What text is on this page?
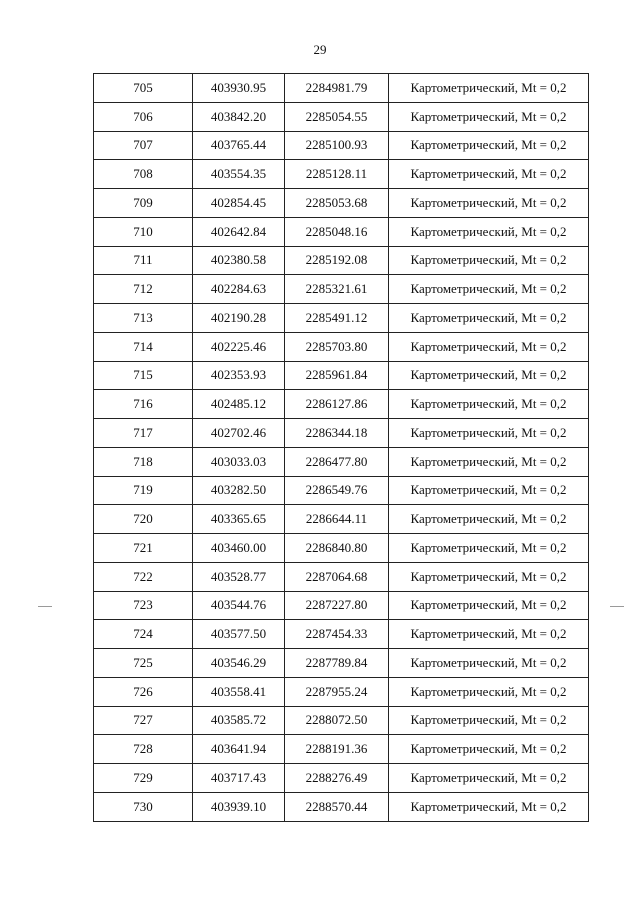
29
705	403930.95	2284981.79	Картометрический, Mt = 0,2
706	403842.20	2285054.55	Картометрический, Mt = 0,2
707	403765.44	2285100.93	Картометрический, Mt = 0,2
708	403554.35	2285128.11	Картометрический, Mt = 0,2
709	402854.45	2285053.68	Картометрический, Mt = 0,2
710	402642.84	2285048.16	Картометрический, Mt = 0,2
711	402380.58	2285192.08	Картометрический, Mt = 0,2
712	402284.63	2285321.61	Картометрический, Mt = 0,2
713	402190.28	2285491.12	Картометрический, Mt = 0,2
714	402225.46	2285703.80	Картометрический, Mt = 0,2
715	402353.93	2285961.84	Картометрический, Mt = 0,2
716	402485.12	2286127.86	Картометрический, Mt = 0,2
717	402702.46	2286344.18	Картометрический, Mt = 0,2
718	403033.03	2286477.80	Картометрический, Mt = 0,2
719	403282.50	2286549.76	Картометрический, Mt = 0,2
720	403365.65	2286644.11	Картометрический, Mt = 0,2
721	403460.00	2286840.80	Картометрический, Mt = 0,2
722	403528.77	2287064.68	Картометрический, Mt = 0,2
723	403544.76	2287227.80	Картометрический, Mt = 0,2
724	403577.50	2287454.33	Картометрический, Mt = 0,2
725	403546.29	2287789.84	Картометрический, Mt = 0,2
726	403558.41	2287955.24	Картометрический, Mt = 0,2
727	403585.72	2288072.50	Картометрический, Mt = 0,2
728	403641.94	2288191.36	Картометрический, Mt = 0,2
729	403717.43	2288276.49	Картометрический, Mt = 0,2
730	403939.10	2288570.44	Картометрический, Mt = 0,2
